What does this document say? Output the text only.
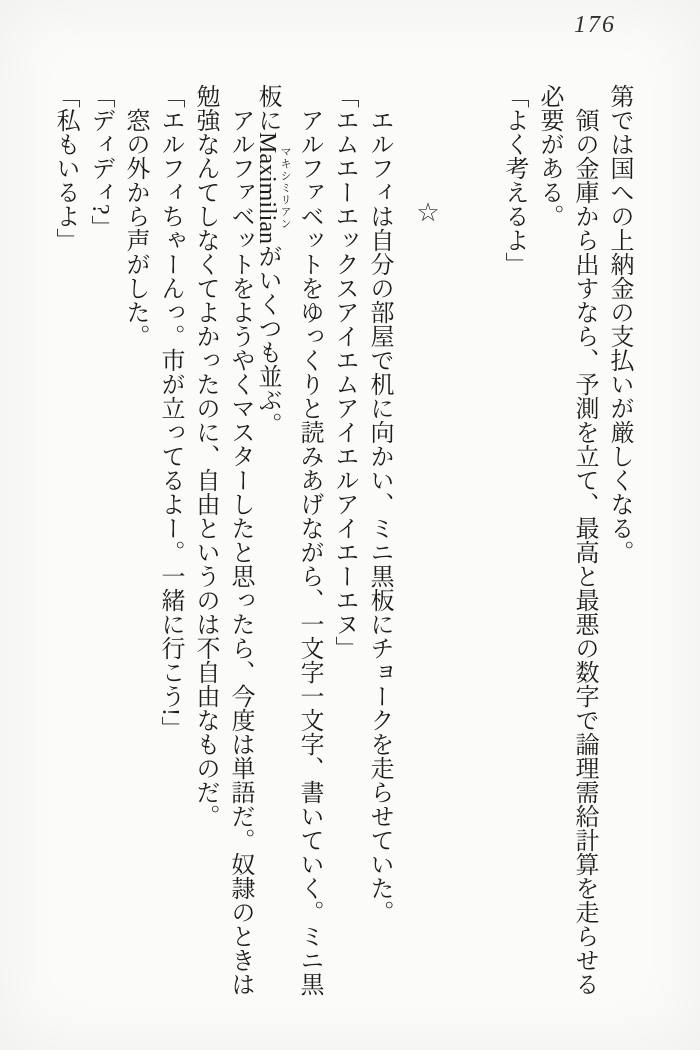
176

第では国への上納金の支払いが厳しくなる。

領の金庫から出すなら、予測を立て、最高と最悪の数字で論理需給計算を走らせる

必要がある。

「よく考えるよ」

☆

エルフィは自分の部屋で机に向かい、ミニ黒板にチョークを走らせていた。

「エムエーエックスアイエムアイエルアイエーエヌ」

アルファベットをゆっくりと読みあげながら、一文字一文字、書いていく。ミニ黒

板にMaximilian マキシミリアンがいくつも並ぶ。

アルファベットをようやくマスターしたと思ったら、今度は単語だ。奴隷のときは

勉強なんてしなくてよかったのに、自由というのは不自由なものだ。

「エルフィちゃーんっ。市が立ってるよー。一緒に行こう!」

窓の外から声がした。

「ディディ?」

「私もいるよ」
